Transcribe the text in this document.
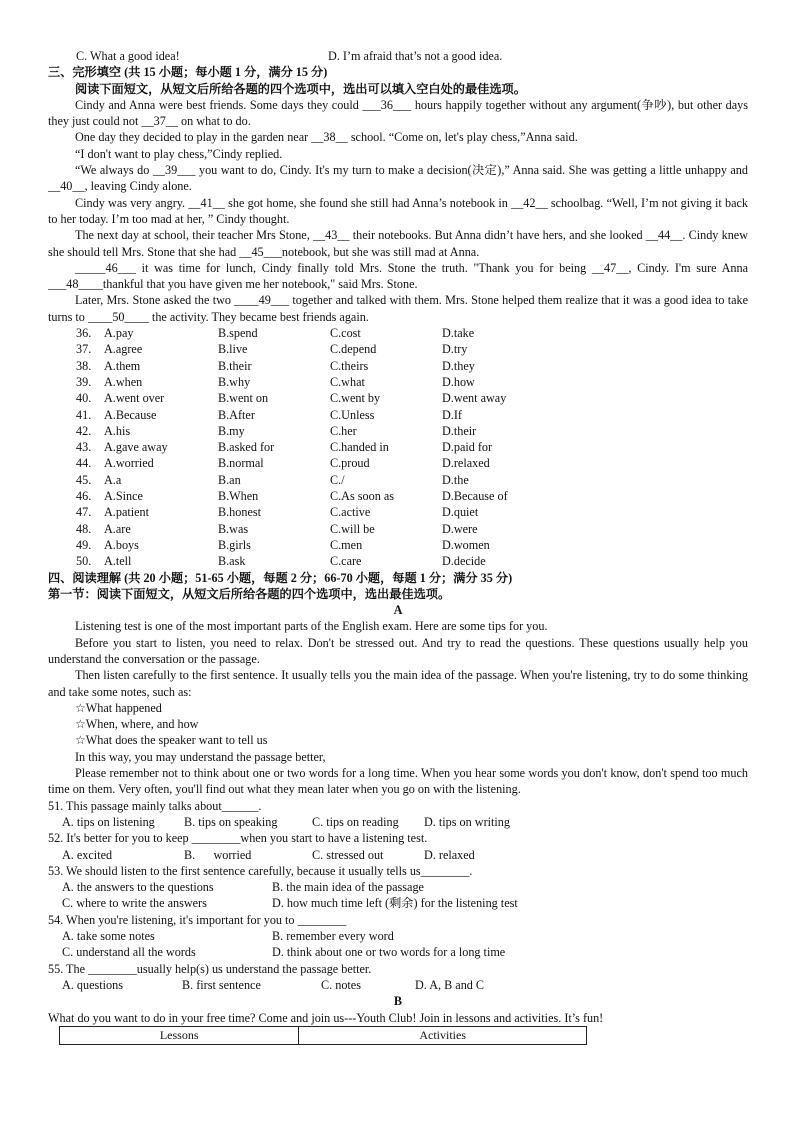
C. What a good idea!	D. I’m afraid that’s not a good idea.

三、完形填空 (共 15 小题；每小题 1 分，满分 15 分)

阅读下面短文，从短文后所给各题的四个选项中，选出可以填入空白处的最佳选项。

Cindy and Anna were best friends. Some days they could ___36___ hours happily together without any argument(争吵), but other days they just could not __37__ on what to do.

One day they decided to play in the garden near __38__ school. “Come on, let's play chess,”Anna said.

“I don't want to play chess,”Cindy replied.

“We always do __39___ you want to do, Cindy. It's my turn to make a decision(决定),” Anna said. She was getting a little unhappy and __40__, leaving Cindy alone.

Cindy was very angry. __41__ she got home, she found she still had Anna’s notebook in __42__ schoolbag. “Well, I’m not giving it back to her today. I’m too mad at her, ” Cindy thought.

The next day at school, their teacher Mrs Stone, __43__ their notebooks. But Anna didn’t have hers, and she looked __44__. Cindy knew she should tell Mrs. Stone that she had __45___notebook, but she was still mad at Anna.

_____46___ it was time for lunch, Cindy finally told Mrs. Stone the truth. "Thank you for being __47__, Cindy. I'm sure Anna ___48____thankful that you have given me her notebook," said Mrs. Stone.

Later, Mrs. Stone asked the two ____49___ together and talked with them. Mrs. Stone helped them realize that it was a good idea to take turns to ____50____ the activity. They became best friends again.

36.	A.pay	B.spend	C.cost	D.take
37.	A.agree	B.live	C.depend	D.try
38.	A.them	B.their	C.theirs	D.they
39.	A.when	B.why	C.what	D.how
40.	A.went over	B.went on	C.went by	D.went away
41.	A.Because	B.After	C.Unless	D.If
42.	A.his	B.my	C.her	D.their
43.	A.gave away	B.asked for	C.handed in	D.paid for
44.	A.worried	B.normal	C.proud	D.relaxed
45.	A.a	B.an	C./	D.the
46.	A.Since	B.When	C.As soon as	D.Because of
47.	A.patient	B.honest	C.active	D.quiet
48.	A.are	B.was	C.will be	D.were
49.	A.boys	B.girls	C.men	D.women
50.	A.tell	B.ask	C.care	D.decide

四、阅读理解 (共 20 小题；51-65 小题，每题 2 分；66-70 小题，每题 1 分；满分 35 分)

第一节：阅读下面短文，从短文后所给各题的四个选项中，选出最佳选项。

A

Listening test is one of the most important parts of the English exam. Here are some tips for you.

Before you start to listen, you need to relax. Don't be stressed out. And try to read the questions. These questions usually help you understand the conversation or the passage.

Then listen carefully to the first sentence. It usually tells you the main idea of the passage. When you're listening, try to do some thinking and take some notes, such as:

☆What happened

☆When, where, and how

☆What does the speaker want to tell us

In this way, you may understand the passage better,

Please remember not to think about one or two words for a long time. When you hear some words you don't know, don't spend too much time on them. Very often, you'll find out what they mean later when you go on with the listening.

51. This passage mainly talks about______.

A. tips on listening	B. tips on speaking	C. tips on reading	D. tips on writing

52. It's better for you to keep ________when you start to have a listening test.

A. excited	B.      worried	C. stressed out	D. relaxed

53. We should listen to the first sentence carefully, because it usually tells us________.

A. the answers to the questions	B. the main idea of the passage
C. where to write the answers	D. how much time left (剩余) for the listening test

54. When you're listening, it's important for you to ________

A. take some notes	B. remember every word
C. understand all the words	D. think about one or two words for a long time

55. The ________usually help(s) us understand the passage better.

A. questions	B. first sentence	C. notes	D. A, B and C

B

What do you want to do in your free time? Come and join us---Youth Club! Join in lessons and activities. It’s fun!

Lessons	Activities
